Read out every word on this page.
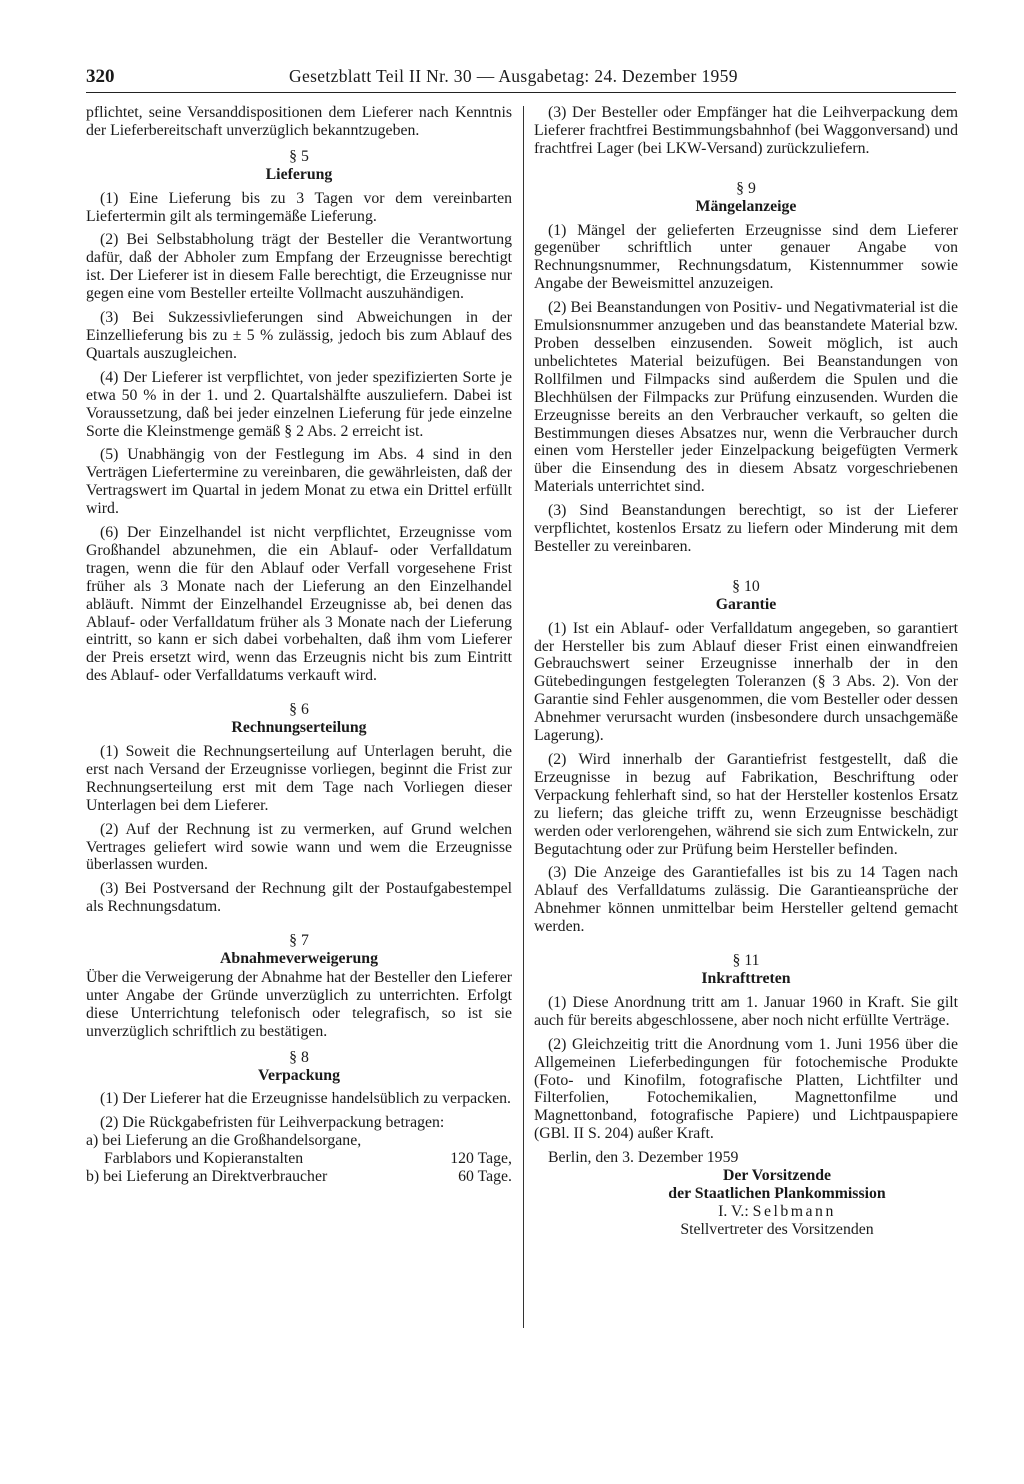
320	Gesetzblatt Teil II Nr. 30 — Ausgabetag: 24. Dezember 1959

pflichtet, seine Versanddispositionen dem Lieferer nach Kenntnis der Lieferbereitschaft unverzüglich bekanntzugeben.

§ 5
Lieferung

(1) Eine Lieferung bis zu 3 Tagen vor dem vereinbarten Liefertermin gilt als termingemäße Lieferung.

(2) Bei Selbstabholung trägt der Besteller die Verantwortung dafür, daß der Abholer zum Empfang der Erzeugnisse berechtigt ist. Der Lieferer ist in diesem Falle berechtigt, die Erzeugnisse nur gegen eine vom Besteller erteilte Vollmacht auszuhändigen.

(3) Bei Sukzessivlieferungen sind Abweichungen in der Einzellieferung bis zu ± 5 % zulässig, jedoch bis zum Ablauf des Quartals auszugleichen.

(4) Der Lieferer ist verpflichtet, von jeder spezifizierten Sorte je etwa 50 % in der 1. und 2. Quartalshälfte auszuliefern. Dabei ist Voraussetzung, daß bei jeder einzelnen Lieferung für jede einzelne Sorte die Kleinstmenge gemäß § 2 Abs. 2 erreicht ist.

(5) Unabhängig von der Festlegung im Abs. 4 sind in den Verträgen Liefertermine zu vereinbaren, die gewährleisten, daß der Vertragswert im Quartal in jedem Monat zu etwa ein Drittel erfüllt wird.

(6) Der Einzelhandel ist nicht verpflichtet, Erzeugnisse vom Großhandel abzunehmen, die ein Ablauf- oder Verfalldatum tragen, wenn die für den Ablauf oder Verfall vorgesehene Frist früher als 3 Monate nach der Lieferung an den Einzelhandel abläuft. Nimmt der Einzelhandel Erzeugnisse ab, bei denen das Ablauf- oder Verfalldatum früher als 3 Monate nach der Lieferung eintritt, so kann er sich dabei vorbehalten, daß ihm vom Lieferer der Preis ersetzt wird, wenn das Erzeugnis nicht bis zum Eintritt des Ablauf- oder Verfalldatums verkauft wird.

§ 6
Rechnungserteilung

(1) Soweit die Rechnungserteilung auf Unterlagen beruht, die erst nach Versand der Erzeugnisse vorliegen, beginnt die Frist zur Rechnungserteilung erst mit dem Tage nach Vorliegen dieser Unterlagen bei dem Lieferer.

(2) Auf der Rechnung ist zu vermerken, auf Grund welchen Vertrages geliefert wird sowie wann und wem die Erzeugnisse überlassen wurden.

(3) Bei Postversand der Rechnung gilt der Postaufgabestempel als Rechnungsdatum.

§ 7
Abnahmeverweigerung

Über die Verweigerung der Abnahme hat der Besteller den Lieferer unter Angabe der Gründe unverzüglich zu unterrichten. Erfolgt diese Unterrichtung telefonisch oder telegrafisch, so ist sie unverzüglich schriftlich zu bestätigen.

§ 8
Verpackung

(1) Der Lieferer hat die Erzeugnisse handelsüblich zu verpacken.

(2) Die Rückgabefristen für Leihverpackung betragen:

a) bei Lieferung an die Großhandelsorgane,
Farblabors und Kopieranstalten	120 Tage,
b) bei Lieferung an Direktverbraucher	60 Tage.

(3) Der Besteller oder Empfänger hat die Leihverpackung dem Lieferer frachtfrei Bestimmungsbahnhof (bei Waggonversand) und frachtfrei Lager (bei LKW-Versand) zurückzuliefern.

§ 9
Mängelanzeige

(1) Mängel der gelieferten Erzeugnisse sind dem Lieferer gegenüber schriftlich unter genauer Angabe von Rechnungsnummer, Rechnungsdatum, Kistennummer sowie Angabe der Beweismittel anzuzeigen.

(2) Bei Beanstandungen von Positiv- und Negativmaterial ist die Emulsionsnummer anzugeben und das beanstandete Material bzw. Proben desselben einzusenden. Soweit möglich, ist auch unbelichtetes Material beizufügen. Bei Beanstandungen von Rollfilmen und Filmpacks sind außerdem die Spulen und die Blechhülsen der Filmpacks zur Prüfung einzusenden. Wurden die Erzeugnisse bereits an den Verbraucher verkauft, so gelten die Bestimmungen dieses Absatzes nur, wenn die Verbraucher durch einen vom Hersteller jeder Einzelpackung beigefügten Vermerk über die Einsendung des in diesem Absatz vorgeschriebenen Materials unterrichtet sind.

(3) Sind Beanstandungen berechtigt, so ist der Lieferer verpflichtet, kostenlos Ersatz zu liefern oder Minderung mit dem Besteller zu vereinbaren.

§ 10
Garantie

(1) Ist ein Ablauf- oder Verfalldatum angegeben, so garantiert der Hersteller bis zum Ablauf dieser Frist einen einwandfreien Gebrauchswert seiner Erzeugnisse innerhalb der in den Gütebedingungen festgelegten Toleranzen (§ 3 Abs. 2). Von der Garantie sind Fehler ausgenommen, die vom Besteller oder dessen Abnehmer verursacht wurden (insbesondere durch unsachgemäße Lagerung).

(2) Wird innerhalb der Garantiefrist festgestellt, daß die Erzeugnisse in bezug auf Fabrikation, Beschriftung oder Verpackung fehlerhaft sind, so hat der Hersteller kostenlos Ersatz zu liefern; das gleiche trifft zu, wenn Erzeugnisse beschädigt werden oder verlorengehen, während sie sich zum Entwickeln, zur Begutachtung oder zur Prüfung beim Hersteller befinden.

(3) Die Anzeige des Garantiefalles ist bis zu 14 Tagen nach Ablauf des Verfalldatums zulässig. Die Garantieansprüche der Abnehmer können unmittelbar beim Hersteller geltend gemacht werden.

§ 11
Inkrafttreten

(1) Diese Anordnung tritt am 1. Januar 1960 in Kraft. Sie gilt auch für bereits abgeschlossene, aber noch nicht erfüllte Verträge.

(2) Gleichzeitig tritt die Anordnung vom 1. Juni 1956 über die Allgemeinen Lieferbedingungen für fotochemische Produkte (Foto- und Kinofilm, fotografische Platten, Lichtfilter und Filterfolien, Fotochemikalien, Magnettonfilme und Magnettonband, fotografische Papiere) und Lichtpauspapiere (GBl. II S. 204) außer Kraft.

Berlin, den 3. Dezember 1959

Der Vorsitzende
der Staatlichen Plankommission
I. V.: Selbmann
Stellvertreter des Vorsitzenden
